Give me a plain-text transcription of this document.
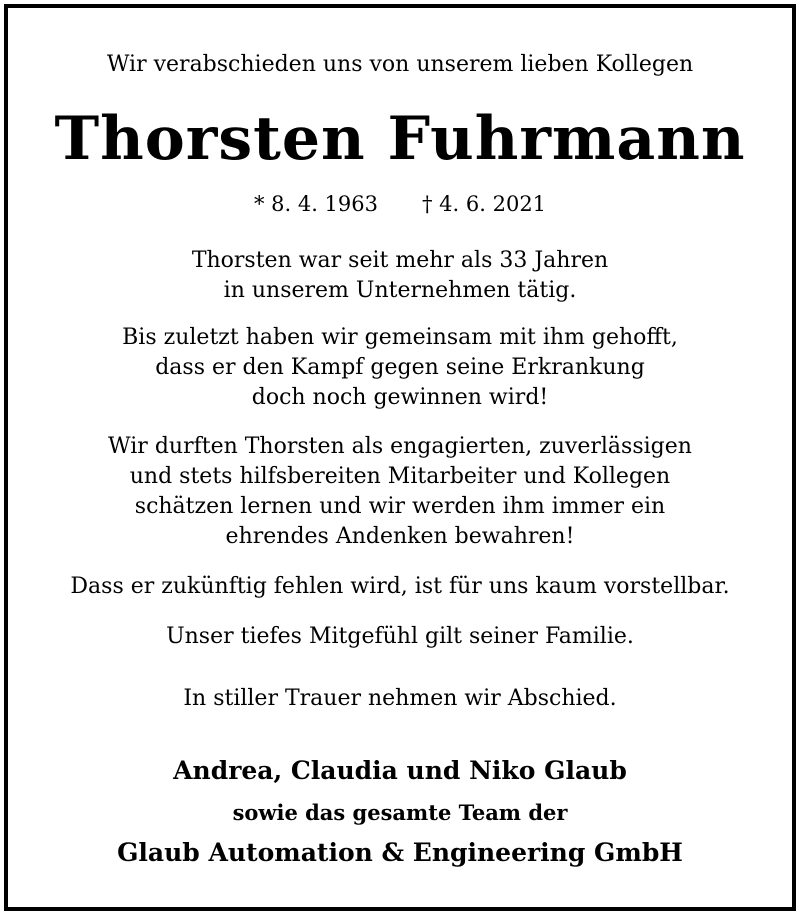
Wir verabschieden uns von unserem lieben Kollegen
Thorsten Fuhrmann
* 8. 4. 1963 † 4. 6. 2021
Thorsten war seit mehr als 33 Jahren
in unserem Unternehmen tätig.
Bis zuletzt haben wir gemeinsam mit ihm gehofft,
dass er den Kampf gegen seine Erkrankung
doch noch gewinnen wird!
Wir durften Thorsten als engagierten, zuverlässigen
und stets hilfsbereiten Mitarbeiter und Kollegen
schätzen lernen und wir werden ihm immer ein
ehrendes Andenken bewahren!
Dass er zukünftig fehlen wird, ist für uns kaum vorstellbar.
Unser tiefes Mitgefühl gilt seiner Familie.
In stiller Trauer nehmen wir Abschied.
Andrea, Claudia und Niko Glaub
sowie das gesamte Team der
Glaub Automation & Engineering GmbH
